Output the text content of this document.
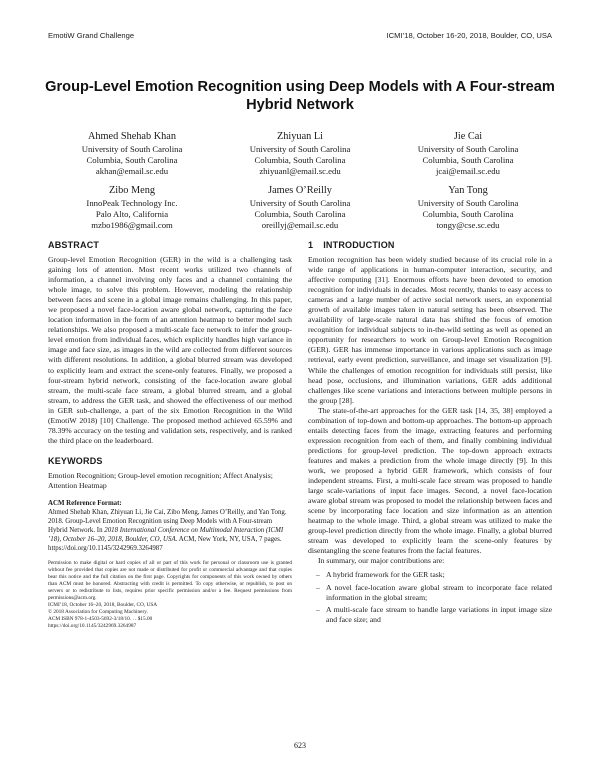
EmotiW Grand Challenge	ICMI’18, October 16-20, 2018, Boulder, CO, USA
Group-Level Emotion Recognition using Deep Models with A Four-stream Hybrid Network
Ahmed Shehab Khan
University of South Carolina
Columbia, South Carolina
akhan@email.sc.edu
Zhiyuan Li
University of South Carolina
Columbia, South Carolina
zhiyuanl@email.sc.edu
Jie Cai
University of South Carolina
Columbia, South Carolina
jcai@email.sc.edu
Zibo Meng
InnoPeak Technology Inc.
Palo Alto, California
mzbo1986@gmail.com
James O’Reilly
University of South Carolina
Columbia, South Carolina
oreillyj@email.sc.edu
Yan Tong
University of South Carolina
Columbia, South Carolina
tongy@cse.sc.edu
ABSTRACT

Group-level Emotion Recognition (GER) in the wild is a challenging task gaining lots of attention. Most recent works utilized two channels of information, a channel involving only faces and a channel containing the whole image, to solve this problem. However, modeling the relationship between faces and scene in a global image remains challenging. In this paper, we proposed a novel face-location aware global network, capturing the face location information in the form of an attention heatmap to better model such relationships. We also proposed a multi-scale face network to infer the group-level emotion from individual faces, which explicitly handles high variance in image and face size, as images in the wild are collected from different sources with different resolutions. In addition, a global blurred stream was developed to explicitly learn and extract the scene-only features. Finally, we proposed a four-stream hybrid network, consisting of the face-location aware global stream, the multi-scale face stream, a global blurred stream, and a global stream, to address the GER task, and showed the effectiveness of our method in GER sub-challenge, a part of the six Emotion Recognition in the Wild (EmotiW 2018) [10] Challenge. The proposed method achieved 65.59% and 78.39% accuracy on the testing and validation sets, respectively, and is ranked the third place on the leaderboard.

KEYWORDS

Emotion Recognition; Group-level emotion recognition; Affect Analysis; Attention Heatmap

ACM Reference Format:

Ahmed Shehab Khan, Zhiyuan Li, Jie Cai, Zibo Meng, James O’Reilly, and Yan Tong. 2018. Group-Level Emotion Recognition using Deep Models with A Four-stream Hybrid Network. In 2018 International Conference on Multimodal Interaction (ICMI ’18), October 16–20, 2018, Boulder, CO, USA. ACM, New York, NY, USA, 7 pages. https://doi.org/10.1145/3242969.3264987

Permission to make digital or hard copies of all or part of this work for personal or classroom use is granted without fee provided that copies are not made or distributed for profit or commercial advantage and that copies bear this notice and the full citation on the first page. Copyrights for components of this work owned by others than ACM must be honored. Abstracting with credit is permitted. To copy otherwise, or republish, to post on servers or to redistribute to lists, requires prior specific permission and/or a fee. Request permissions from permissions@acm.org.
ICMI’18, October 16–20, 2018, Boulder, CO, USA
© 2018 Association for Computing Machinery.
ACM ISBN 978-1-4503-5692-3/18/10. . . $15.00
https://doi.org/10.1145/3242969.3264987
1 INTRODUCTION

Emotion recognition has been widely studied because of its crucial role in a wide range of applications in human-computer interaction, security, and affective computing [31]. Enormous efforts have been devoted to emotion recognition for individuals in decades. Most recently, thanks to easy access to cameras and a large number of active social network users, an exponential growth of available images taken in natural setting has been observed. The availability of large-scale natural data has shifted the focus of emotion recognition for individual subjects to in-the-wild setting as well as opened an opportunity for researchers to work on Group-level Emotion Recognition (GER). GER has immense importance in various applications such as image retrieval, early event prediction, surveillance, and image set visualization [9]. While the challenges of emotion recognition for individuals still persist, like head pose, occlusions, and illumination variations, GER adds additional challenges like scene variations and interactions between multiple persons in the group [28].

The state-of-the-art approaches for the GER task [14, 35, 38] employed a combination of top-down and bottom-up approaches. The bottom-up approach entails detecting faces from the image, extracting features and performing expression recognition from each of them, and finally combining individual predictions for group-level prediction. The top-down approach extracts features and makes a prediction from the whole image directly [9]. In this work, we proposed a hybrid GER framework, which consists of four independent streams. First, a multi-scale face stream was proposed to handle large scale-variations of input face images. Second, a novel face-location aware global stream was proposed to model the relationship between faces and scene by incorporating face location and size information as an attention heatmap to the whole image. Third, a global stream was utilized to make the group-level prediction directly from the whole image. Finally, a global blurred stream was developed to explicitly learn the scene-only features by disentangling the scene features from the facial features.

In summary, our major contributions are:

– A hybrid framework for the GER task;
– A novel face-location aware global stream to incorporate face related information in the global stream;
– A multi-scale face stream to handle large variations in input image size and face size; and
623
